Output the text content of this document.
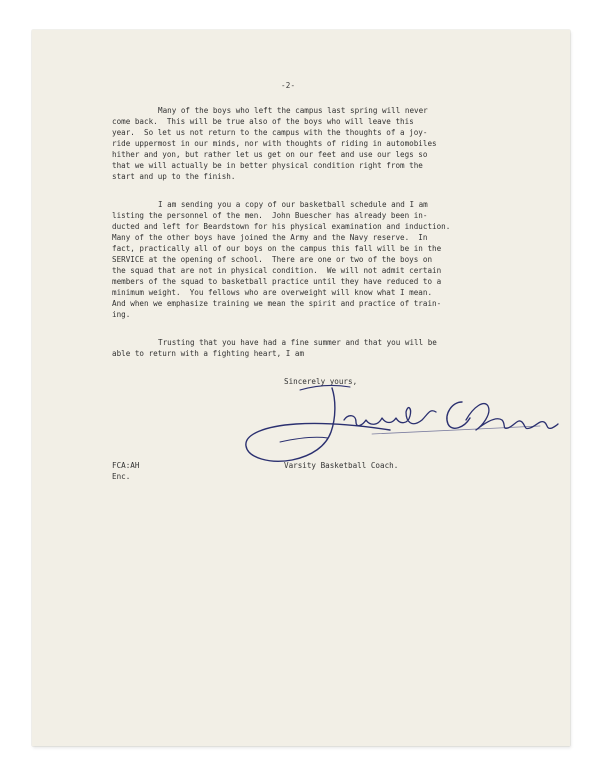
-2-
Many of the boys who left the campus last spring will never
come back.  This will be true also of the boys who will leave this
year.  So let us not return to the campus with the thoughts of a joy-
ride uppermost in our minds, nor with thoughts of riding in automobiles
hither and yon, but rather let us get on our feet and use our legs so
that we will actually be in better physical condition right from the
start and up to the finish.
I am sending you a copy of our basketball schedule and I am
listing the personnel of the men.  John Buescher has already been in-
ducted and left for Beardstown for his physical examination and induction.
Many of the other boys have joined the Army and the Navy reserve.  In
fact, practically all of our boys on the campus this fall will be in the
SERVICE at the opening of school.  There are one or two of the boys on
the squad that are not in physical condition.  We will not admit certain
members of the squad to basketball practice until they have reduced to a
minimum weight.  You fellows who are overweight will know what I mean.
And when we emphasize training we mean the spirit and practice of train-
ing.
Trusting that you have had a fine summer and that you will be
able to return with a fighting heart, I am
Sincerely yours,
Varsity Basketball Coach.
FCA:AH
Enc.
